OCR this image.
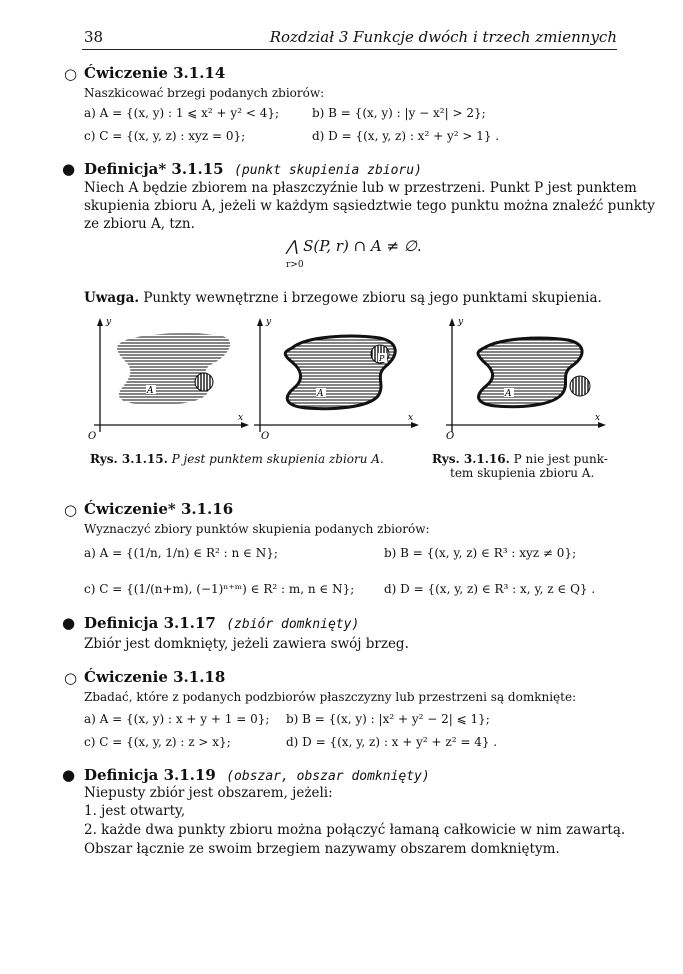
38	Rozdział 3 Funkcje dwóch i trzech zmiennych
○ Ćwiczenie 3.1.14
Naszkicować brzegi podanych zbiorów:
a) A = {(x, y) : 1 ⩽ x² + y² < 4};	b) B = {(x, y) : |y − x²| > 2};
c) C = {(x, y, z) : xyz = 0};	d) D = {(x, y, z) : x² + y² > 1} .
● Definicja* 3.1.15 (punkt skupienia zbioru)
Niech A będzie zbiorem na płaszczyźnie lub w przestrzeni. Punkt P jest punktem
skupienia zbioru A, jeżeli w każdym sąsiedztwie tego punktu można znaleźć punkty
ze zbioru A, tzn.
⋀ S(P, r) ∩ A ≠ ∅.
r>0
Uwaga. Punkty wewnętrzne i brzegowe zbioru są jego punktami skupienia.
y
x
O
A
y
x
O
P
A
y
x
O
A
Rys. 3.1.15. P jest punktem skupienia zbioru A.	Rys. 3.1.16. P nie jest punk-
tem skupienia zbioru A.
○ Ćwiczenie* 3.1.16
Wyznaczyć zbiory punktów skupienia podanych zbiorów:
a) A = {(1/n, 1/n) ∈ R² : n ∈ N};	b) B = {(x, y, z) ∈ R³ : xyz ≠ 0};
c) C = {(1/(n+m), (−1)ⁿ⁺ᵐ) ∈ R² : m, n ∈ N}; d) D = {(x, y, z) ∈ R³ : x, y, z ∈ Q} .
● Definicja 3.1.17 (zbiór domknięty)
Zbiór jest domknięty, jeżeli zawiera swój brzeg.
○ Ćwiczenie 3.1.18
Zbadać, które z podanych podzbiorów płaszczyzny lub przestrzeni są domknięte:
a) A = {(x, y) : x + y + 1 = 0}; b) B = {(x, y) : |x² + y² − 2| ⩽ 1};
c) C = {(x, y, z) : z > x};	d) D = {(x, y, z) : x + y² + z² = 4} .
● Definicja 3.1.19 (obszar, obszar domknięty)
Niepusty zbiór jest obszarem, jeżeli:
1. jest otwarty,
2. każde dwa punkty zbioru można połączyć łamaną całkowicie w nim zawartą.
Obszar łącznie ze swoim brzegiem nazywamy obszarem domkniętym.
